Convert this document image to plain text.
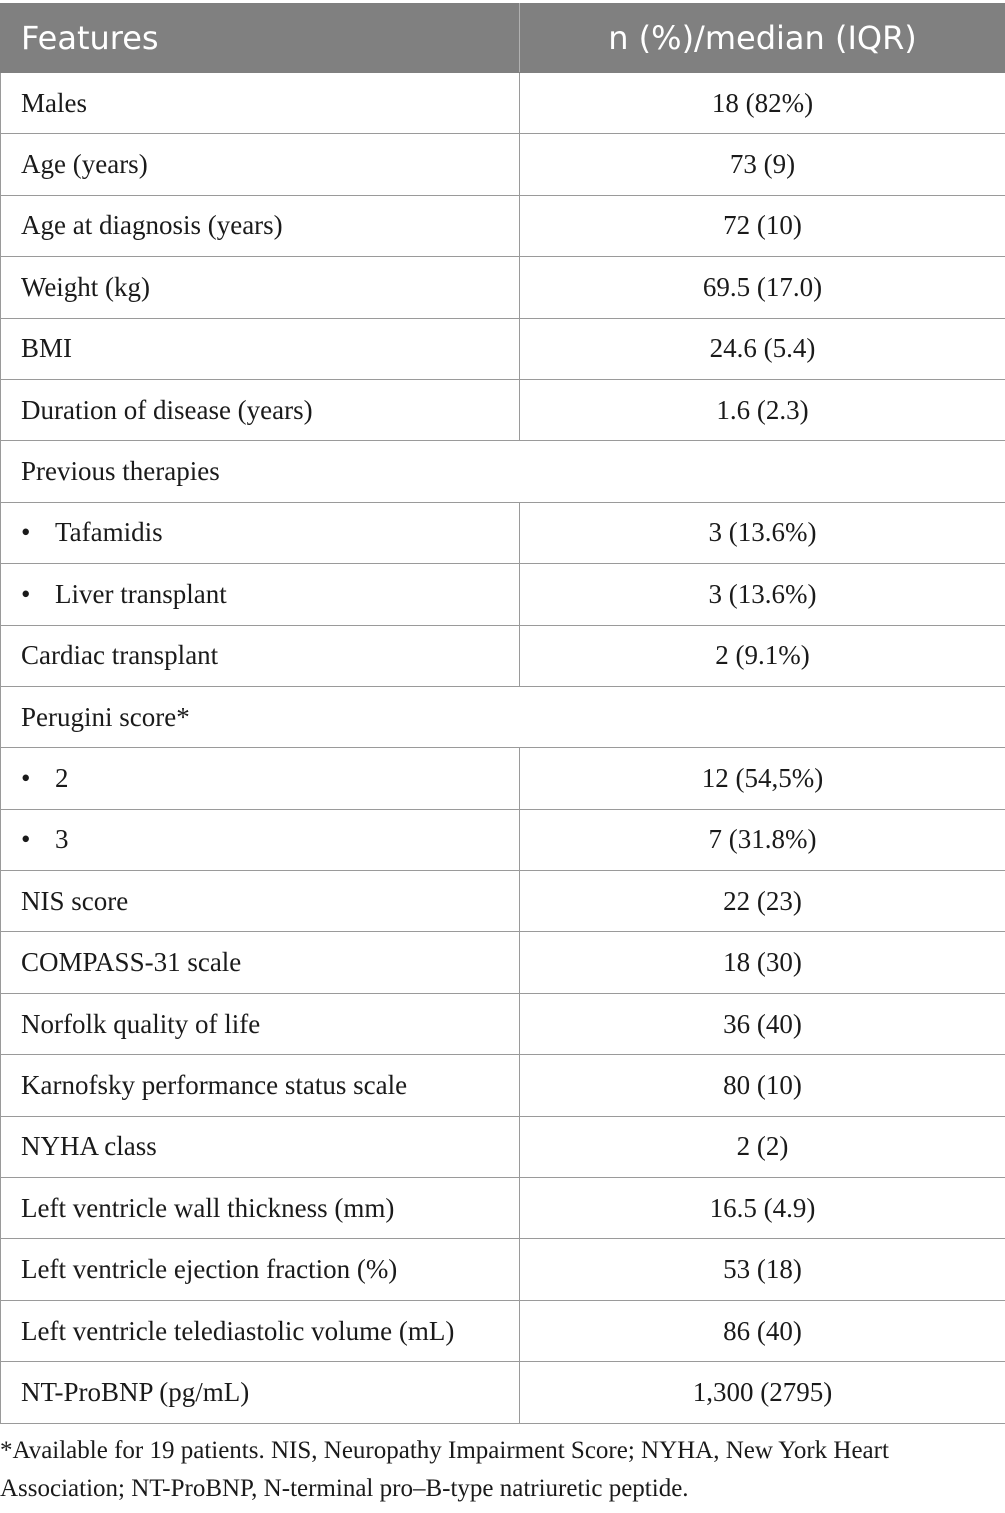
Features	n (%)/median (IQR)
Males	18 (82%)
Age (years)	73 (9)
Age at diagnosis (years)	72 (10)
Weight (kg)	69.5 (17.0)
BMI	24.6 (5.4)
Duration of disease (years)	1.6 (2.3)
Previous therapies	
• Tafamidis	3 (13.6%)
• Liver transplant	3 (13.6%)
Cardiac transplant	2 (9.1%)
Perugini score*	
• 2	12 (54,5%)
• 3	7 (31.8%)
NIS score	22 (23)
COMPASS-31 scale	18 (30)
Norfolk quality of life	36 (40)
Karnofsky performance status scale	80 (10)
NYHA class	2 (2)
Left ventricle wall thickness (mm)	16.5 (4.9)
Left ventricle ejection fraction (%)	53 (18)
Left ventricle telediastolic volume (mL)	86 (40)
NT-ProBNP (pg/mL)	1,300 (2795)

*Available for 19 patients. NIS, Neuropathy Impairment Score; NYHA, New York Heart Association; NT-ProBNP, N-terminal pro–B-type natriuretic peptide.
